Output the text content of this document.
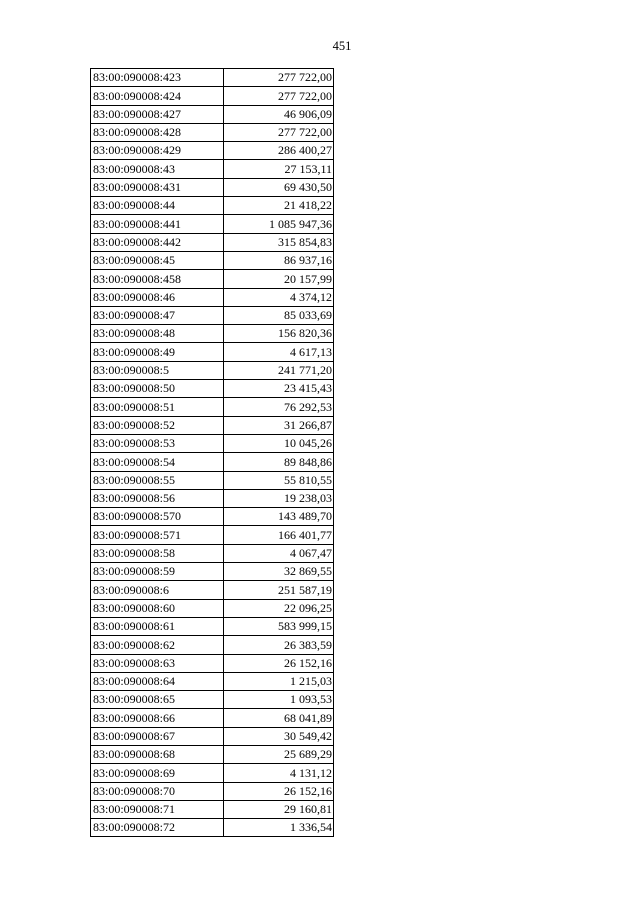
451
83:00:090008:423	277 722,00
83:00:090008:424	277 722,00
83:00:090008:427	46 906,09
83:00:090008:428	277 722,00
83:00:090008:429	286 400,27
83:00:090008:43	27 153,11
83:00:090008:431	69 430,50
83:00:090008:44	21 418,22
83:00:090008:441	1 085 947,36
83:00:090008:442	315 854,83
83:00:090008:45	86 937,16
83:00:090008:458	20 157,99
83:00:090008:46	4 374,12
83:00:090008:47	85 033,69
83:00:090008:48	156 820,36
83:00:090008:49	4 617,13
83:00:090008:5	241 771,20
83:00:090008:50	23 415,43
83:00:090008:51	76 292,53
83:00:090008:52	31 266,87
83:00:090008:53	10 045,26
83:00:090008:54	89 848,86
83:00:090008:55	55 810,55
83:00:090008:56	19 238,03
83:00:090008:570	143 489,70
83:00:090008:571	166 401,77
83:00:090008:58	4 067,47
83:00:090008:59	32 869,55
83:00:090008:6	251 587,19
83:00:090008:60	22 096,25
83:00:090008:61	583 999,15
83:00:090008:62	26 383,59
83:00:090008:63	26 152,16
83:00:090008:64	1 215,03
83:00:090008:65	1 093,53
83:00:090008:66	68 041,89
83:00:090008:67	30 549,42
83:00:090008:68	25 689,29
83:00:090008:69	4 131,12
83:00:090008:70	26 152,16
83:00:090008:71	29 160,81
83:00:090008:72	1 336,54
